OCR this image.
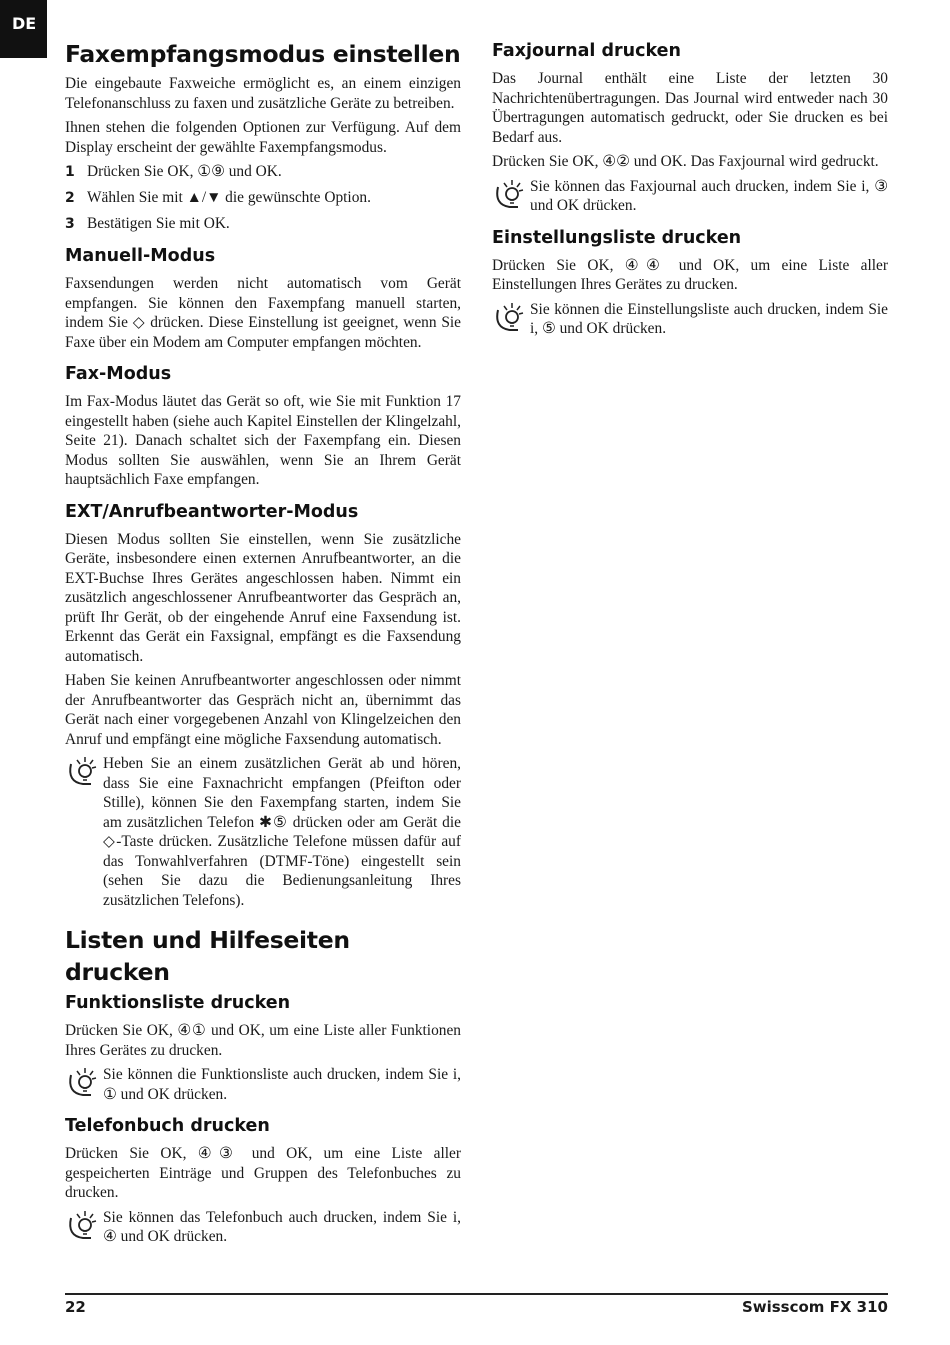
DE
Faxempfangsmodus einstellen

Die eingebaute Faxweiche ermöglicht es, an einem einzigen Telefonanschluss zu faxen und zusätzliche Geräte zu betreiben.

Ihnen stehen die folgenden Optionen zur Verfügung. Auf dem Display erscheint der gewählte Faxempfangsmodus.

1 Drücken Sie OK, ①⑨ und OK.
2 Wählen Sie mit ▲/▼ die gewünschte Option.
3 Bestätigen Sie mit OK.
Manuell-Modus

Faxsendungen werden nicht automatisch vom Gerät empfangen. Sie können den Faxempfang manuell starten, indem Sie ◇ drücken. Diese Einstellung ist geeignet, wenn Sie Faxe über ein Modem am Computer empfangen möchten.

Fax-Modus

Im Fax-Modus läutet das Gerät so oft, wie Sie mit Funktion 17 eingestellt haben (siehe auch Kapitel Einstellen der Klingelzahl, Seite 21). Danach schaltet sich der Faxempfang ein. Diesen Modus sollten Sie auswählen, wenn Sie an Ihrem Gerät hauptsächlich Faxe empfangen.

EXT/Anrufbeantworter-Modus

Diesen Modus sollten Sie einstellen, wenn Sie zusätzliche Geräte, insbesondere einen externen Anrufbeantworter, an die EXT-Buchse Ihres Gerätes angeschlossen haben. Nimmt ein zusätzlich angeschlossener Anrufbeantworter das Gespräch an, prüft Ihr Gerät, ob der eingehende Anruf eine Faxsendung ist. Erkennt das Gerät ein Faxsignal, empfängt es die Faxsendung automatisch.

Haben Sie keinen Anrufbeantworter angeschlossen oder nimmt der Anrufbeantworter das Gespräch nicht an, übernimmt das Gerät nach einer vorgegebenen Anzahl von Klingelzeichen den Anruf und empfängt eine mögliche Faxsendung automatisch.

Heben Sie an einem zusätzlichen Gerät ab und hören, dass Sie eine Faxnachricht empfangen (Pfeifton oder Stille), können Sie den Faxempfang starten, indem Sie am zusätzlichen Telefon ✱⑤ drücken oder am Gerät die ◇-Taste drücken. Zusätzliche Telefone müssen dafür auf das Tonwahlverfahren (DTMF-Töne) eingestellt sein (sehen Sie dazu die Bedienungsanleitung Ihres zusätzlichen Telefons).

Listen und Hilfeseiten drucken
Funktionsliste drucken

Drücken Sie OK, ④① und OK, um eine Liste aller Funktionen Ihres Gerätes zu drucken.

Sie können die Funktionsliste auch drucken, indem Sie i, ① und OK drücken.

Telefonbuch drucken

Drücken Sie OK, ④③ und OK, um eine Liste aller gespeicherten Einträge und Gruppen des Telefonbuches zu drucken.

Sie können das Telefonbuch auch drucken, indem Sie i, ④ und OK drücken.

Faxjournal drucken

Das Journal enthält eine Liste der letzten 30 Nachrichtenübertragungen. Das Journal wird entweder nach 30 Übertragungen automatisch gedruckt, oder Sie drucken es bei Bedarf aus.

Drücken Sie OK, ④② und OK. Das Faxjournal wird gedruckt.

Sie können das Faxjournal auch drucken, indem Sie i, ③ und OK drücken.

Einstellungsliste drucken

Drücken Sie OK, ④④ und OK, um eine Liste aller Einstellungen Ihres Gerätes zu drucken.

Sie können die Einstellungsliste auch drucken, indem Sie i, ⑤ und OK drücken.

22	Swisscom FX 310
